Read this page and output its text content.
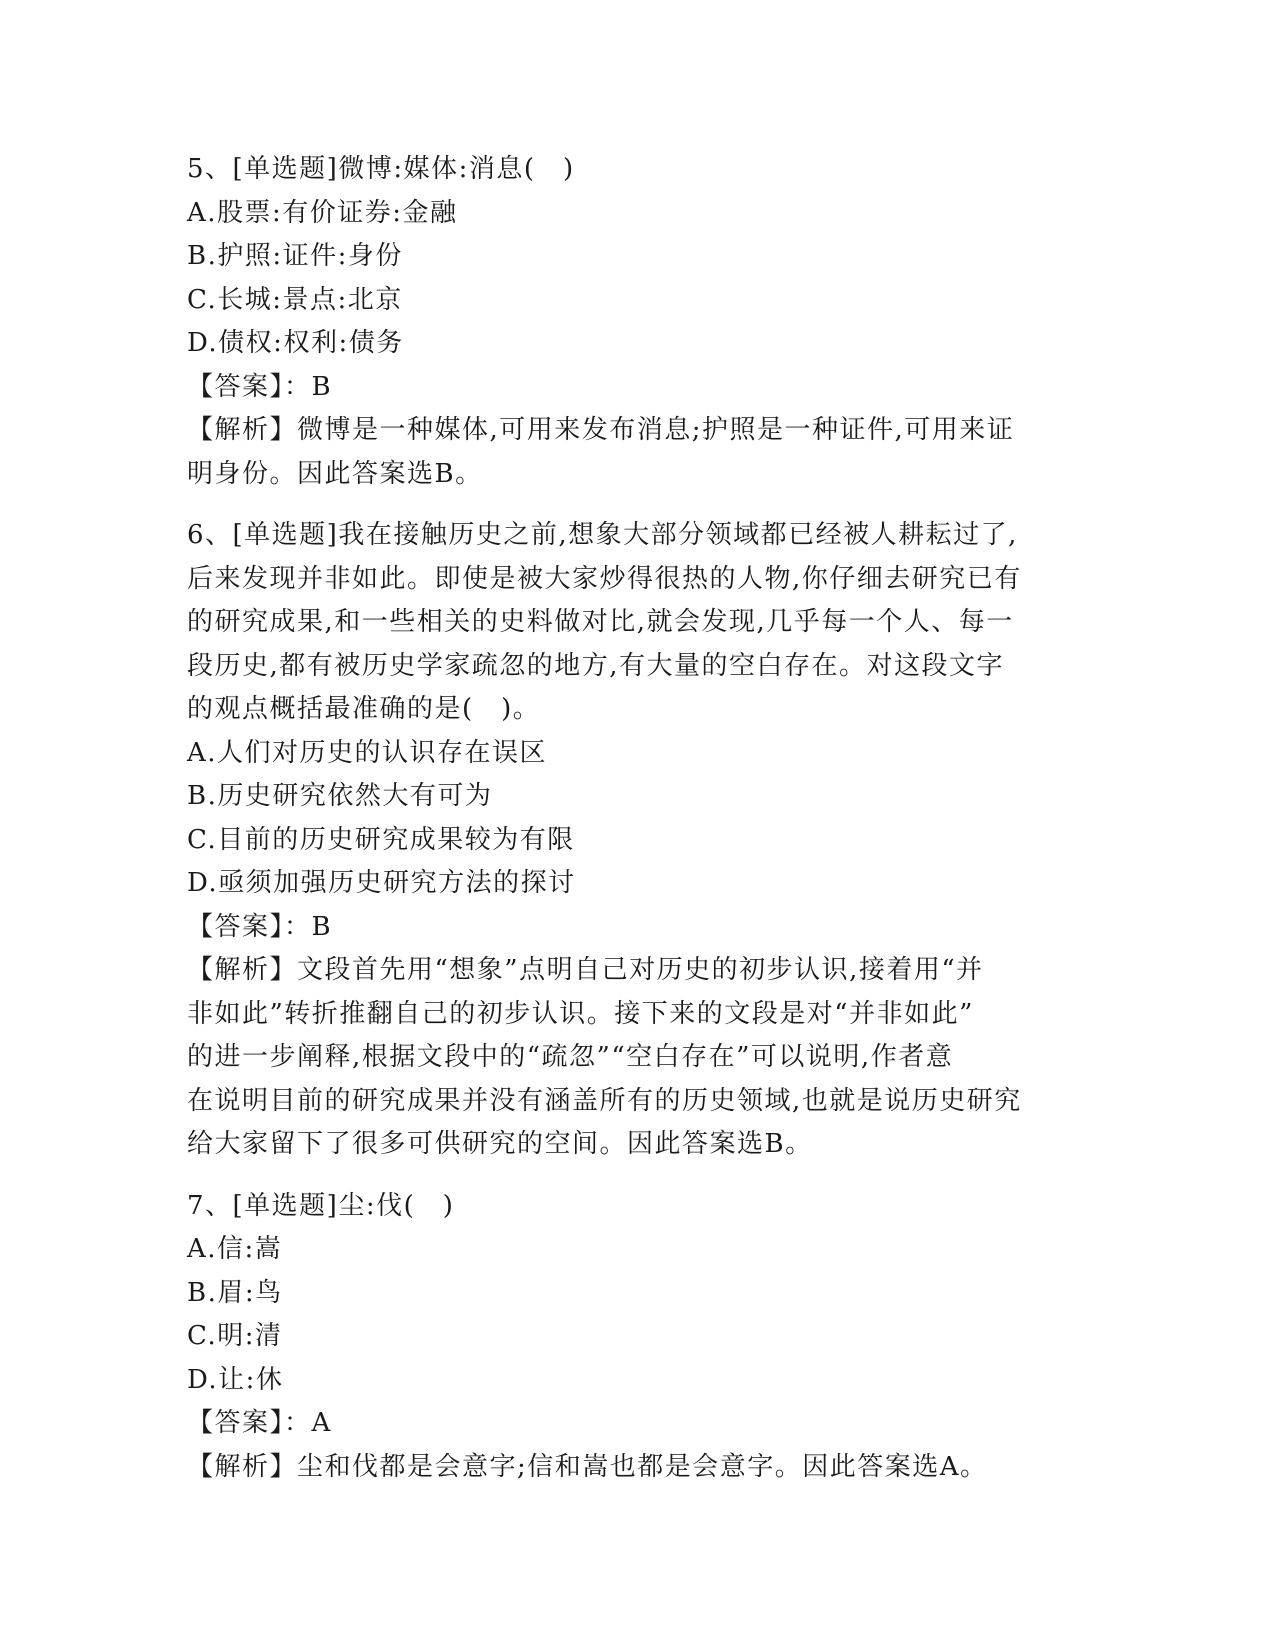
5、[单选题]微博:媒体:消息(　)
A.股票:有价证券:金融
B.护照:证件:身份
C.长城:景点:北京
D.债权:权利:债务
【答案】：B
【解析】微博是一种媒体,可用来发布消息;护照是一种证件,可用来证
明身份。因此答案选B。
6、[单选题]我在接触历史之前,想象大部分领域都已经被人耕耘过了,
后来发现并非如此。即使是被大家炒得很热的人物,你仔细去研究已有
的研究成果,和一些相关的史料做对比,就会发现,几乎每一个人、每一
段历史,都有被历史学家疏忽的地方,有大量的空白存在。对这段文字
的观点概括最准确的是(　)。
A.人们对历史的认识存在误区
B.历史研究依然大有可为
C.目前的历史研究成果较为有限
D.亟须加强历史研究方法的探讨
【答案】：B
【解析】文段首先用“想象”点明自己对历史的初步认识,接着用“并
非如此”转折推翻自己的初步认识。接下来的文段是对“并非如此”
的进一步阐释,根据文段中的“疏忽”“空白存在”可以说明,作者意
在说明目前的研究成果并没有涵盖所有的历史领域,也就是说历史研究
给大家留下了很多可供研究的空间。因此答案选B。
7、[单选题]尘:伐(　)
A.信:嵩
B.眉:鸟
C.明:清
D.让:休
【答案】：A
【解析】尘和伐都是会意字;信和嵩也都是会意字。因此答案选A。
